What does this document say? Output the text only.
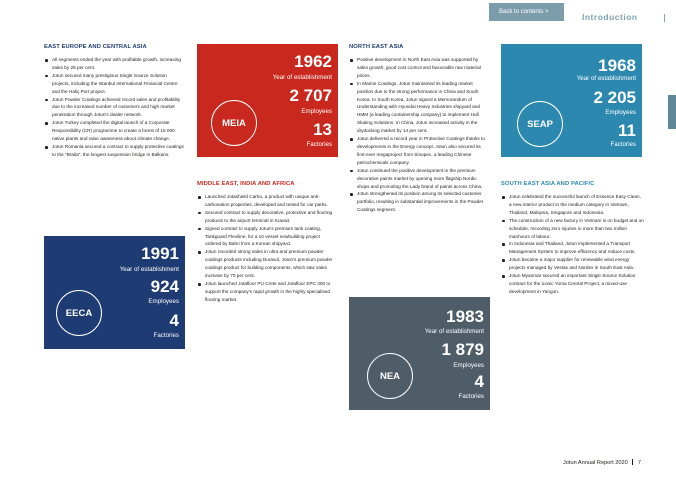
Back to contents >	Introduction
EAST EUROPE AND CENTRAL ASIA
All segments ended the year with profitable growth, increasing sales by 25 per cent.
Jotun secured many prestigious Single Source Solution projects, including the Istanbul International Financial Centre and the Haliç Port project.
Jotun Powder Coatings achieved record sales and profitability due to the increased number of customers and high market penetration through Jotun's dealer network.
Jotun Turkey completed the digital launch of a Corporate Responsibility (CR) programme to create a forest of 15 000 native plants and raise awareness about climate change.
Jotun Romania secured a contract to supply protective coatings to the "Braila", the longest suspension bridge in Balkans.
EECA
1991
Year of establishment
924
Employees
4
Factories
MEIA
1962
Year of establishment
2 707
Employees
13
Factories
MIDDLE EAST, INDIA AND AFRICA
Launched Jotashield Carbo, a product with unique anti-carbonation properties, developed and tested for car parks.
Secured contract to supply decorative, protective and flooring products to the airport terminal in Kuwait.
Signed contract to supply Jotun's premium tank coating, Tankguard Flexiline, for a 10 vessel newbuilding project ordered by Bahri from a Korean shipyard.
Jotun recorded strong sales in ultra and premium powder coatings products including Durasol, Jotun's premium powder coatings product for building components, which saw sales increase by 70 per cent.
Jotun launched Jotafloor PU Crete and Jotafloor EPC 300 to support the company's rapid growth in the highly specialised flooring market.
NORTH EAST ASIA
Positive development in North East Asia was supported by sales growth, good cost control and favourable raw material prices.
In Marine Coatings, Jotun maintained its leading market position due to the strong performance in China and South Korea. In South Korea, Jotun signed a Memorandum of Understanding with Hyundai Heavy Industries shipyard and HMM (a leading containership company) to implement Hull Skating Solutions. In China, Jotun increased activity in the drydocking market by 14 per cent.
Jotun delivered a record year in Protective Coatings thanks to developments in the Energy concept. Jotun also secured its first-ever megaproject from Sinopec, a leading Chinese petrochemicals company.
Jotun continued the positive development in the premium decorative paints market by opening more flagship Nordic shops and promoting the Lady brand of paints across China.
Jotun strengthened its position among its selected customer portfolio, resulting in substantial improvements in the Powder Coatings segment.
NEA
1983
Year of establishment
1 879
Employees
4
Factories
SEAP
1968
Year of establishment
2 205
Employees
11
Factories
SOUTH EAST ASIA AND PACIFIC
Jotun celebrated the successful launch of Essence Easy Clean, a new interior product in the medium category in Vietnam, Thailand, Malaysia, Singapore and Indonesia.
The construction of a new factory in Vietnam is on budget and on schedule, recording zero injuries in more than two million manhours of labour.
In Indonesia and Thailand, Jotun implemented a Transport Management System to improve efficiency and reduce costs.
Jotun became a major supplier for renewable wind energy projects managed by Vestas and Nordex in South East Asia.
Jotun Myanmar secured an important Single Source Solution contract for the iconic Yoma Central Project, a mixed-use development in Yangon.
Jotun Annual Report 2020 7
